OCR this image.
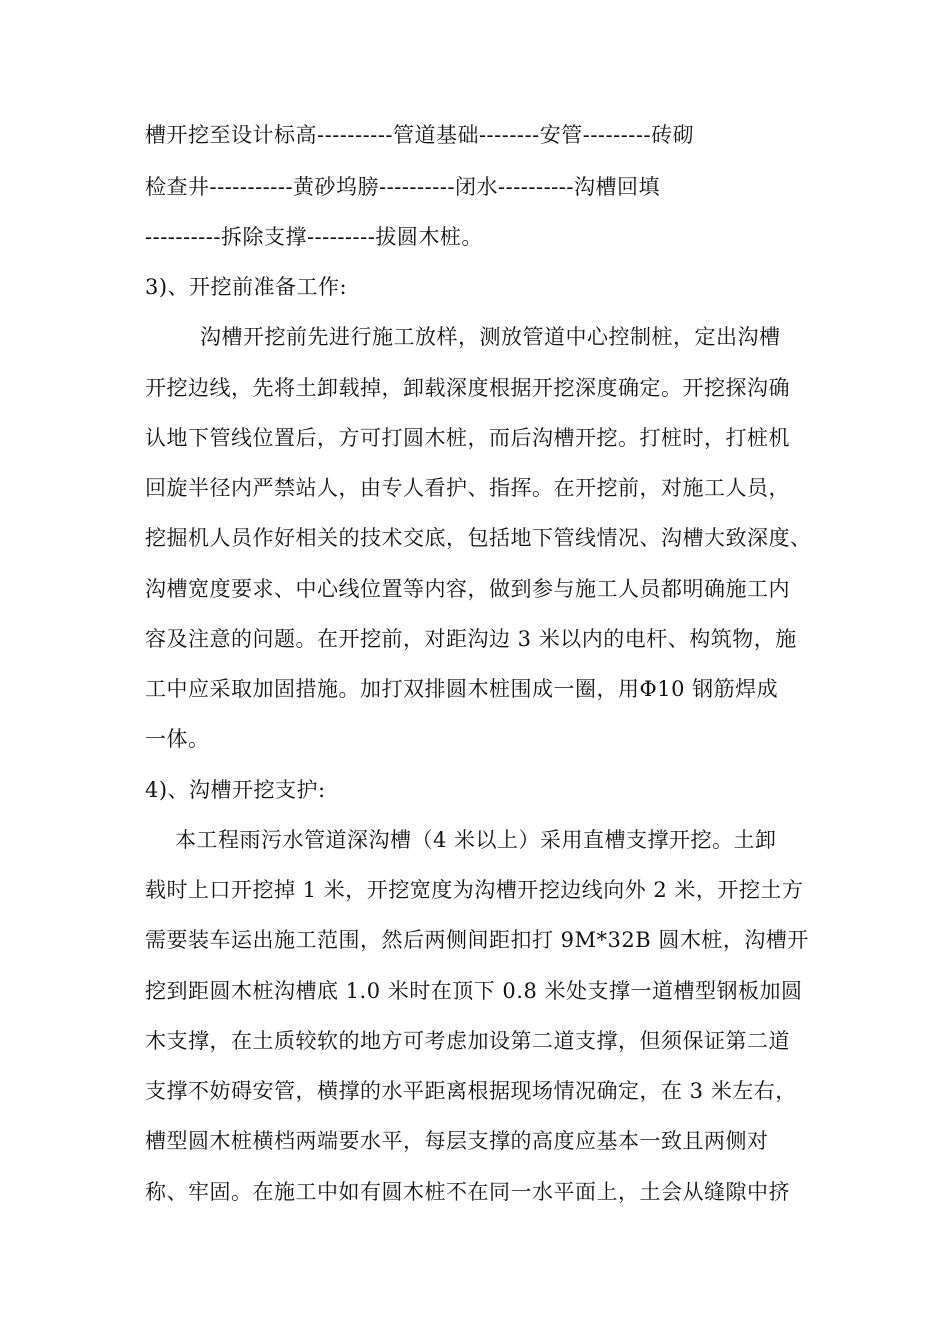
槽开挖至设计标高----------管道基础--------安管---------砖砌
检查井-----------黄砂坞膀----------闭水----------沟槽回填
----------拆除支撑---------拔圆木桩。
3)、开挖前准备工作:
沟槽开挖前先进行施工放样，测放管道中心控制桩，定出沟槽
开挖边线，先将土卸载掉，卸载深度根据开挖深度确定。开挖探沟确
认地下管线位置后，方可打圆木桩，而后沟槽开挖。打桩时，打桩机
回旋半径内严禁站人，由专人看护、指挥。在开挖前，对施工人员，
挖掘机人员作好相关的技术交底，包括地下管线情况、沟槽大致深度、
沟槽宽度要求、中心线位置等内容，做到参与施工人员都明确施工内
容及注意的问题。在开挖前，对距沟边 3 米以内的电杆、构筑物，施
工中应采取加固措施。加打双排圆木桩围成一圈，用Φ10 钢筋焊成
一体。
4)、沟槽开挖支护:
本工程雨污水管道深沟槽（4 米以上）采用直槽支撑开挖。土卸
载时上口开挖掉 1 米，开挖宽度为沟槽开挖边线向外 2 米，开挖土方
需要装车运出施工范围，然后两侧间距扣打 9M*32B 圆木桩，沟槽开
挖到距圆木桩沟槽底 1.0 米时在顶下 0.8 米处支撑一道槽型钢板加圆
木支撑，在土质较软的地方可考虑加设第二道支撑，但须保证第二道
支撑不妨碍安管，横撑的水平距离根据现场情况确定，在 3 米左右，
槽型圆木桩横档两端要水平，每层支撑的高度应基本一致且两侧对
称、牢固。在施工中如有圆木桩不在同一水平面上，土会从缝隙中挤
